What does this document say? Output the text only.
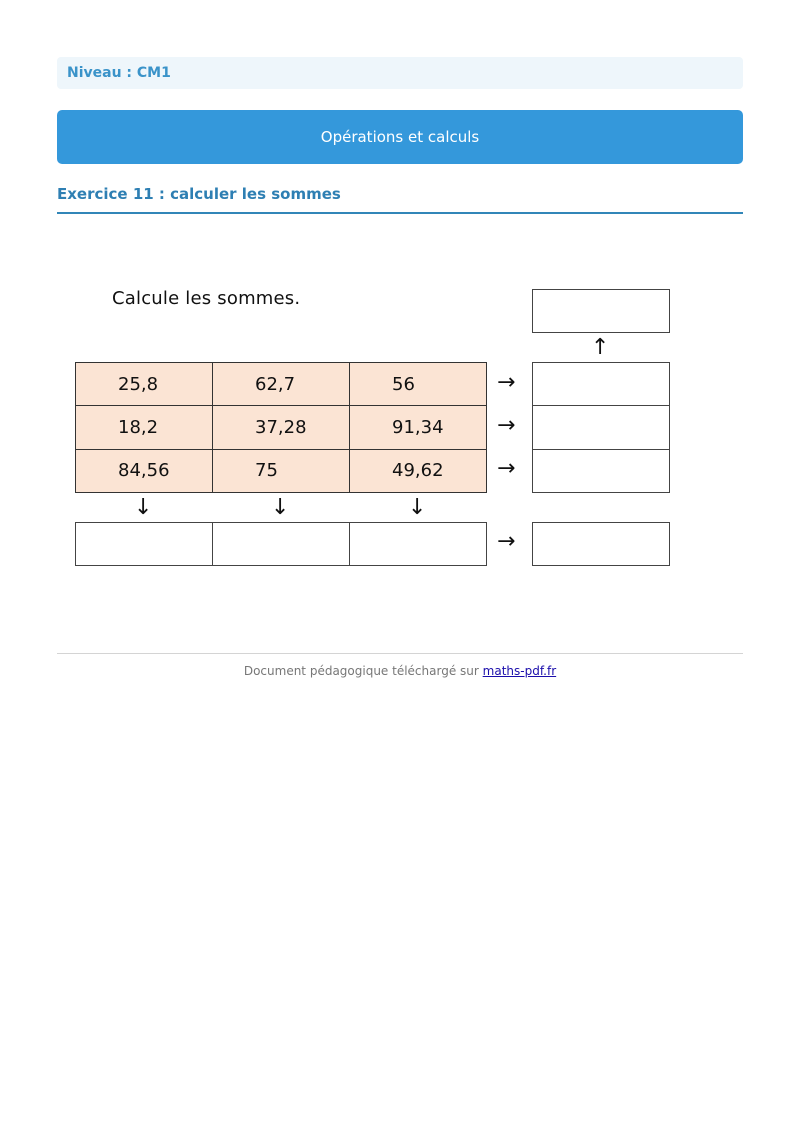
Niveau : CM1
Opérations et calculs
Exercice 11 : calculer les sommes
Calcule les sommes.
↑
25,8	62,7	56
18,2	37,28	91,34
84,56	75	49,62
→
→
→
↓	↓	↓
→
Document pédagogique téléchargé sur maths-pdf.fr
